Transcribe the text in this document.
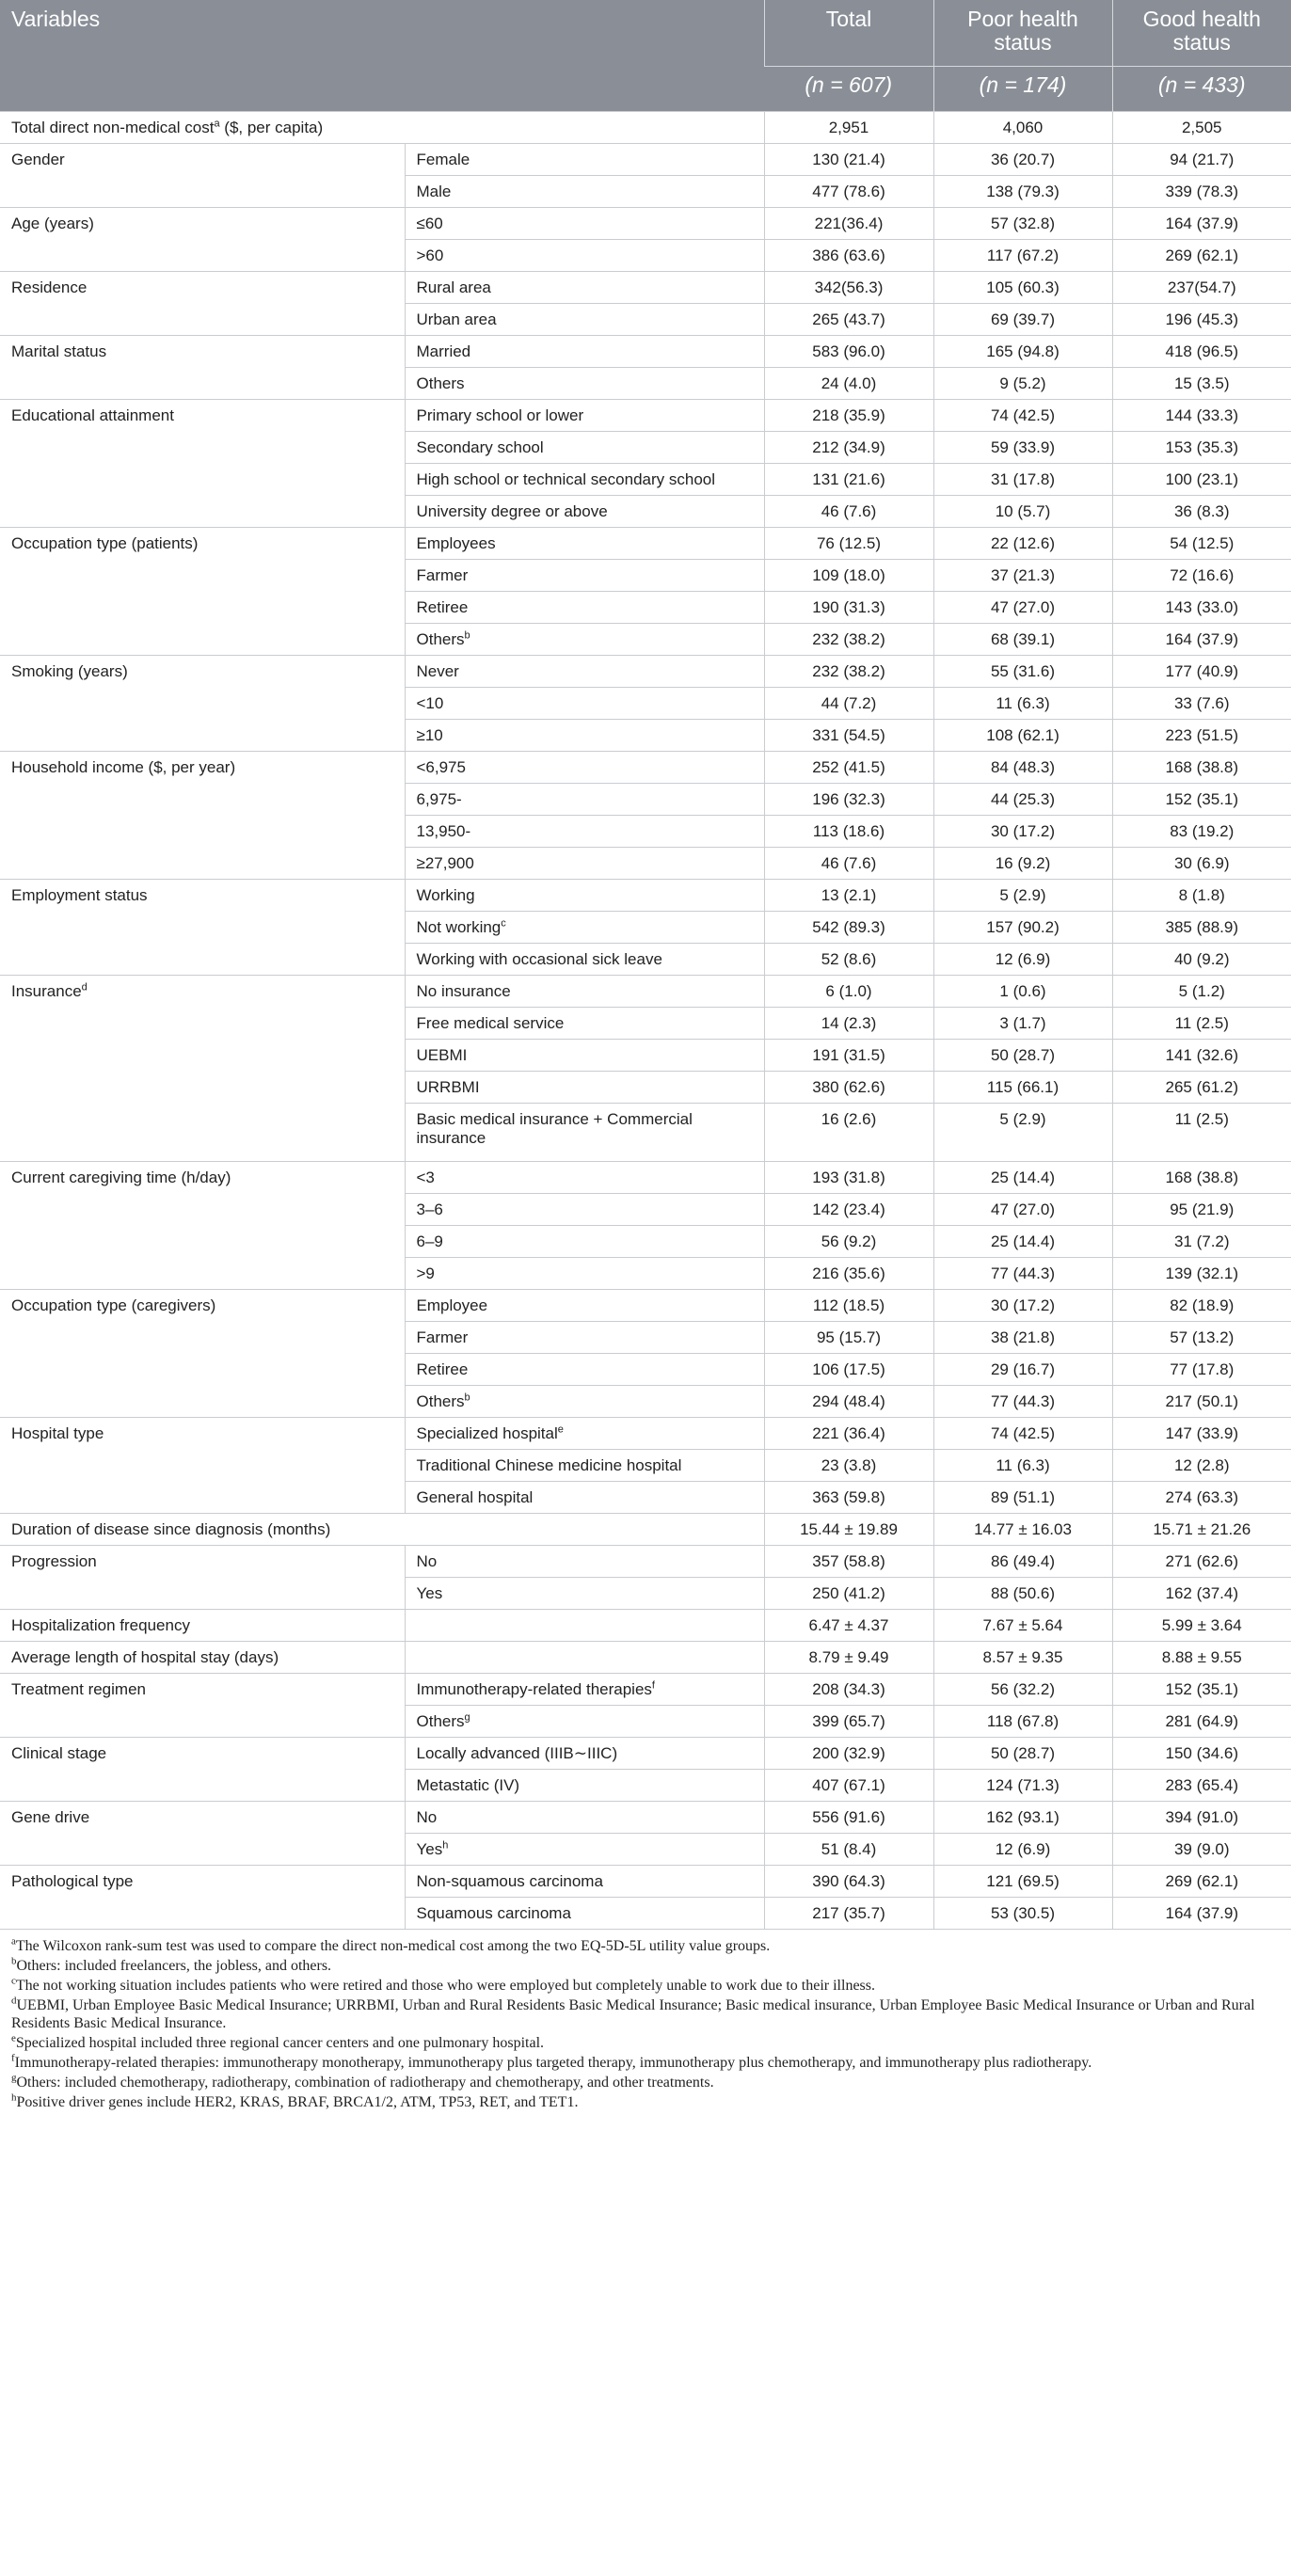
Variables		Total	Poor health status	Good health status
		(n = 607)	(n = 174)	(n = 433)
Total direct non-medical cost$^a$ ($, per capita)		2,951	4,060	2,505
Gender	Female	130 (21.4)	36 (20.7)	94 (21.7)
	Male	477 (78.6)	138 (79.3)	339 (78.3)
Age (years)	≤60	221(36.4)	57 (32.8)	164 (37.9)
	>60	386 (63.6)	117 (67.2)	269 (62.1)
Residence	Rural area	342(56.3)	105 (60.3)	237(54.7)
	Urban area	265 (43.7)	69 (39.7)	196 (45.3)
Marital status	Married	583 (96.0)	165 (94.8)	418 (96.5)
	Others	24 (4.0)	9 (5.2)	15 (3.5)
Educational attainment	Primary school or lower	218 (35.9)	74 (42.5)	144 (33.3)
	Secondary school	212 (34.9)	59 (33.9)	153 (35.3)
	High school or technical secondary school	131 (21.6)	31 (17.8)	100 (23.1)
	University degree or above	46 (7.6)	10 (5.7)	36 (8.3)
Occupation type (patients)	Employees	76 (12.5)	22 (12.6)	54 (12.5)
	Farmer	109 (18.0)	37 (21.3)	72 (16.6)
	Retiree	190 (31.3)	47 (27.0)	143 (33.0)
	Others$^b$	232 (38.2)	68 (39.1)	164 (37.9)
Smoking (years)	Never	232 (38.2)	55 (31.6)	177 (40.9)
	<10	44 (7.2)	11 (6.3)	33 (7.6)
	≥10	331 (54.5)	108 (62.1)	223 (51.5)
Household income ($, per year)	<6,975	252 (41.5)	84 (48.3)	168 (38.8)
	6,975-	196 (32.3)	44 (25.3)	152 (35.1)
	13,950-	113 (18.6)	30 (17.2)	83 (19.2)
	≥27,900	46 (7.6)	16 (9.2)	30 (6.9)
Employment status	Working	13 (2.1)	5 (2.9)	8 (1.8)
	Not working$^c$	542 (89.3)	157 (90.2)	385 (88.9)
	Working with occasional sick leave	52 (8.6)	12 (6.9)	40 (9.2)
Insurance$^d$	No insurance	6 (1.0)	1 (0.6)	5 (1.2)
	Free medical service	14 (2.3)	3 (1.7)	11 (2.5)
	UEBMI	191 (31.5)	50 (28.7)	141 (32.6)
	URRBMI	380 (62.6)	115 (66.1)	265 (61.2)
	Basic medical insurance + Commercial insurance	16 (2.6)	5 (2.9)	11 (2.5)
Current caregiving time (h/day)	<3	193 (31.8)	25 (14.4)	168 (38.8)
	3–6	142 (23.4)	47 (27.0)	95 (21.9)
	6–9	56 (9.2)	25 (14.4)	31 (7.2)
	>9	216 (35.6)	77 (44.3)	139 (32.1)
Occupation type (caregivers)	Employee	112 (18.5)	30 (17.2)	82 (18.9)
	Farmer	95 (15.7)	38 (21.8)	57 (13.2)
	Retiree	106 (17.5)	29 (16.7)	77 (17.8)
	Others$^b$	294 (48.4)	77 (44.3)	217 (50.1)
Hospital type	Specialized hospital$^e$	221 (36.4)	74 (42.5)	147 (33.9)
	Traditional Chinese medicine hospital	23 (3.8)	11 (6.3)	12 (2.8)
	General hospital	363 (59.8)	89 (51.1)	274 (63.3)
Duration of disease since diagnosis (months)		15.44 ± 19.89	14.77 ± 16.03	15.71 ± 21.26
Progression	No	357 (58.8)	86 (49.4)	271 (62.6)
	Yes	250 (41.2)	88 (50.6)	162 (37.4)
Hospitalization frequency		6.47 ± 4.37	7.67 ± 5.64	5.99 ± 3.64
Average length of hospital stay (days)		8.79 ± 9.49	8.57 ± 9.35	8.88 ± 9.55
Treatment regimen	Immunotherapy-related therapies$^f$	208 (34.3)	56 (32.2)	152 (35.1)
	Others$^g$	399 (65.7)	118 (67.8)	281 (64.9)
Clinical stage	Locally advanced (IIIB∼IIIC)	200 (32.9)	50 (28.7)	150 (34.6)
	Metastatic (IV)	407 (67.1)	124 (71.3)	283 (65.4)
Gene drive	No	556 (91.6)	162 (93.1)	394 (91.0)
	Yes$^h$	51 (8.4)	12 (6.9)	39 (9.0)
Pathological type	Non-squamous carcinoma	390 (64.3)	121 (69.5)	269 (62.1)
	Squamous carcinoma	217 (35.7)	53 (30.5)	164 (37.9)

$^a$The Wilcoxon rank-sum test was used to compare the direct non-medical cost among the two EQ-5D-5L utility value groups.

$^b$Others: included freelancers, the jobless, and others.

$^c$The not working situation includes patients who were retired and those who were employed but completely unable to work due to their illness.

$^d$UEBMI, Urban Employee Basic Medical Insurance; URRBMI, Urban and Rural Residents Basic Medical Insurance; Basic medical insurance, Urban Employee Basic Medical Insurance or Urban and Rural Residents Basic Medical Insurance.

$^e$Specialized hospital included three regional cancer centers and one pulmonary hospital.

$^f$Immunotherapy-related therapies: immunotherapy monotherapy, immunotherapy plus targeted therapy, immunotherapy plus chemotherapy, and immunotherapy plus radiotherapy.

$^g$Others: included chemotherapy, radiotherapy, combination of radiotherapy and chemotherapy, and other treatments.

$^h$Positive driver genes include HER2, KRAS, BRAF, BRCA1/2, ATM, TP53, RET, and TET1.
